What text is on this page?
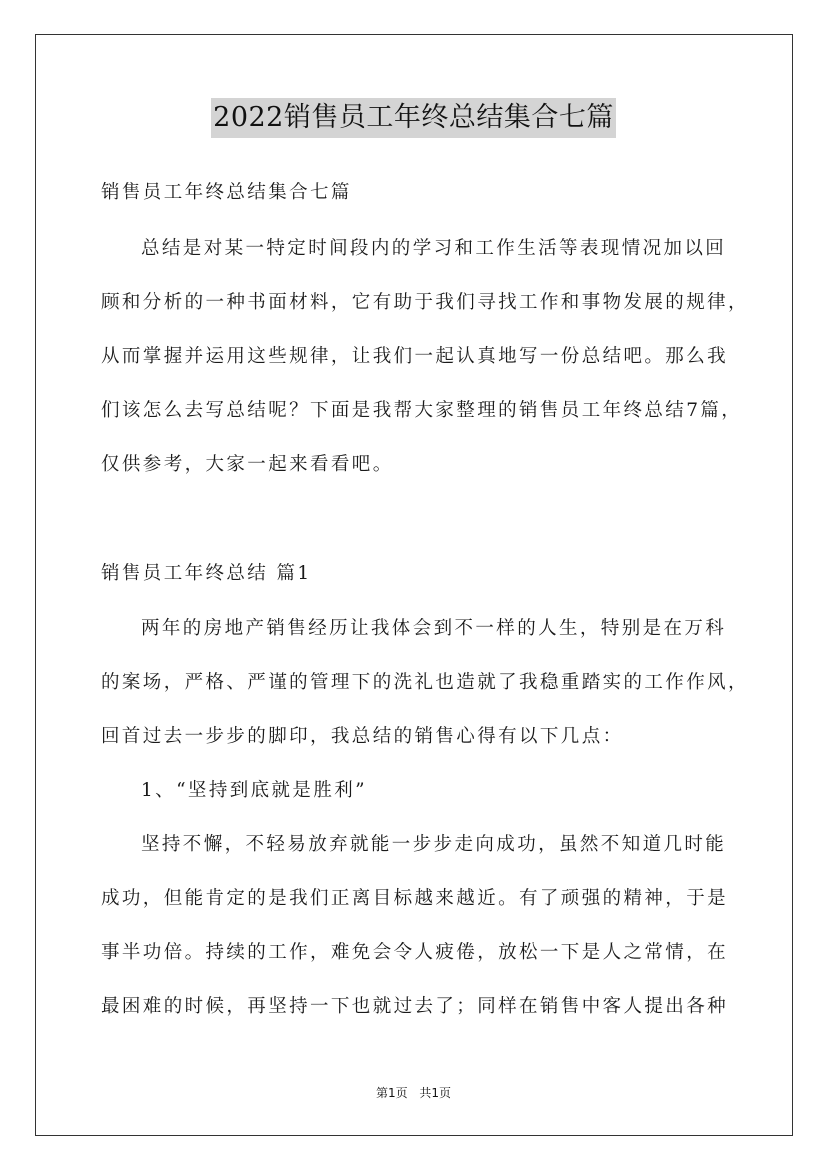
2022销售员工年终总结集合七篇
销售员工年终总结集合七篇
总结是对某一特定时间段内的学习和工作生活等表现情况加以回
顾和分析的一种书面材料，它有助于我们寻找工作和事物发展的规律，
从而掌握并运用这些规律，让我们一起认真地写一份总结吧。那么我
们该怎么去写总结呢？下面是我帮大家整理的销售员工年终总结7篇，
仅供参考，大家一起来看看吧。
销售员工年终总结 篇1
两年的房地产销售经历让我体会到不一样的人生，特别是在万科
的案场，严格、严谨的管理下的洗礼也造就了我稳重踏实的工作作风，
回首过去一步步的脚印，我总结的销售心得有以下几点：
1、“坚持到底就是胜利”
坚持不懈，不轻易放弃就能一步步走向成功，虽然不知道几时能
成功，但能肯定的是我们正离目标越来越近。有了顽强的精神，于是
事半功倍。持续的工作，难免会令人疲倦，放松一下是人之常情，在
最困难的时候，再坚持一下也就过去了；同样在销售中客人提出各种
第1页 共1页
